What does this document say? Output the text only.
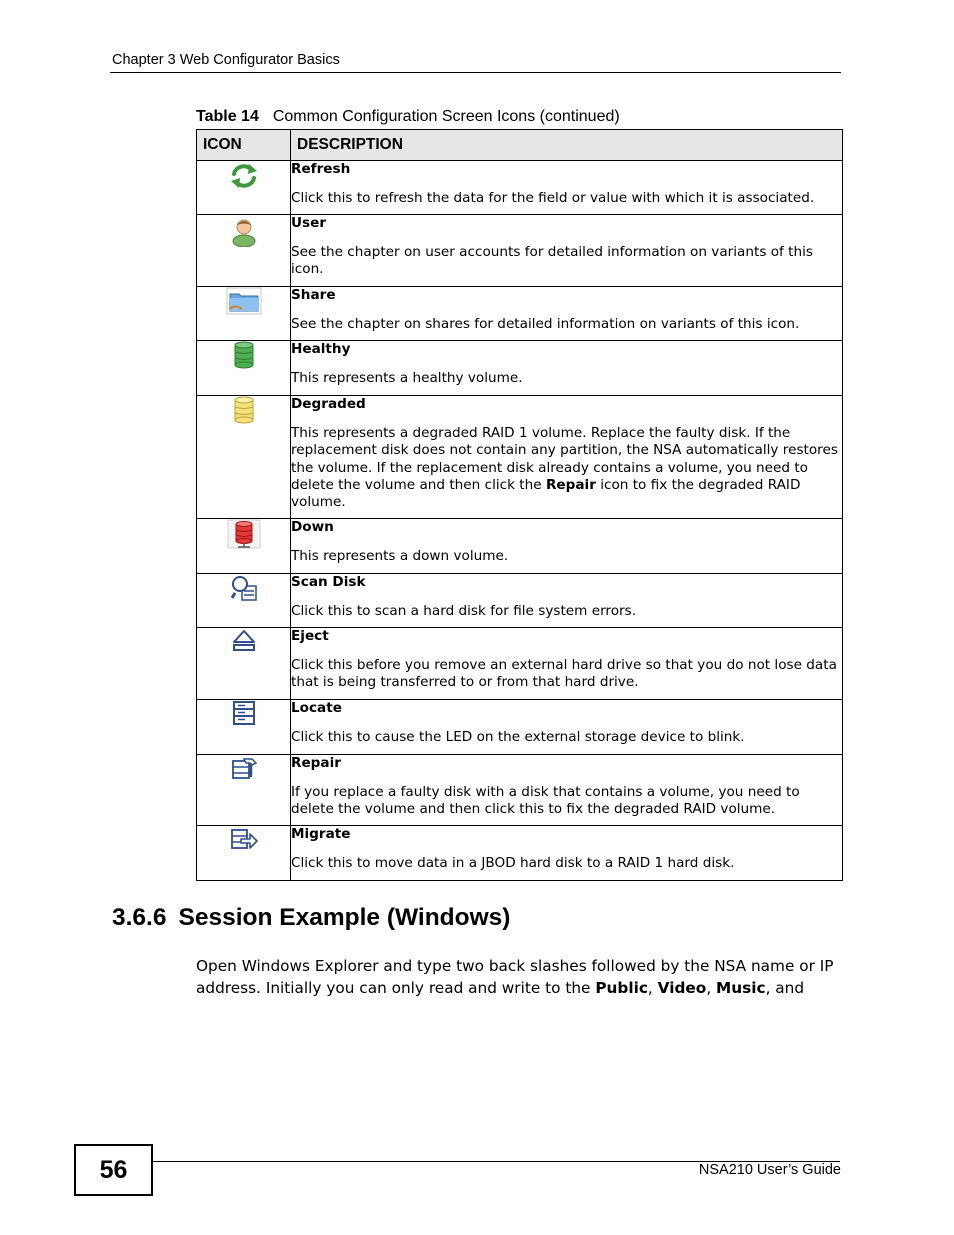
Chapter 3 Web Configurator Basics
Table 14 Common Configuration Screen Icons (continued)
ICON	DESCRIPTION

Refresh
Click this to refresh the data for the field or value with which it is associated.

User
See the chapter on user accounts for detailed information on variants of this icon.

Share
See the chapter on shares for detailed information on variants of this icon.

Healthy
This represents a healthy volume.

Degraded
This represents a degraded RAID 1 volume. Replace the faulty disk. If the replacement disk does not contain any partition, the NSA automatically restores the volume. If the replacement disk already contains a volume, you need to delete the volume and then click the Repair icon to fix the degraded RAID volume.

Down
This represents a down volume.

Scan Disk
Click this to scan a hard disk for file system errors.

Eject
Click this before you remove an external hard drive so that you do not lose data that is being transferred to or from that hard drive.

Locate
Click this to cause the LED on the external storage device to blink.

Repair
If you replace a faulty disk with a disk that contains a volume, you need to delete the volume and then click this to fix the degraded RAID volume.

Migrate
Click this to move data in a JBOD hard disk to a RAID 1 hard disk.
3.6.6 Session Example (Windows)
Open Windows Explorer and type two back slashes followed by the NSA name or IP address. Initially you can only read and write to the Public, Video, Music, and
56	NSA210 User’s Guide
